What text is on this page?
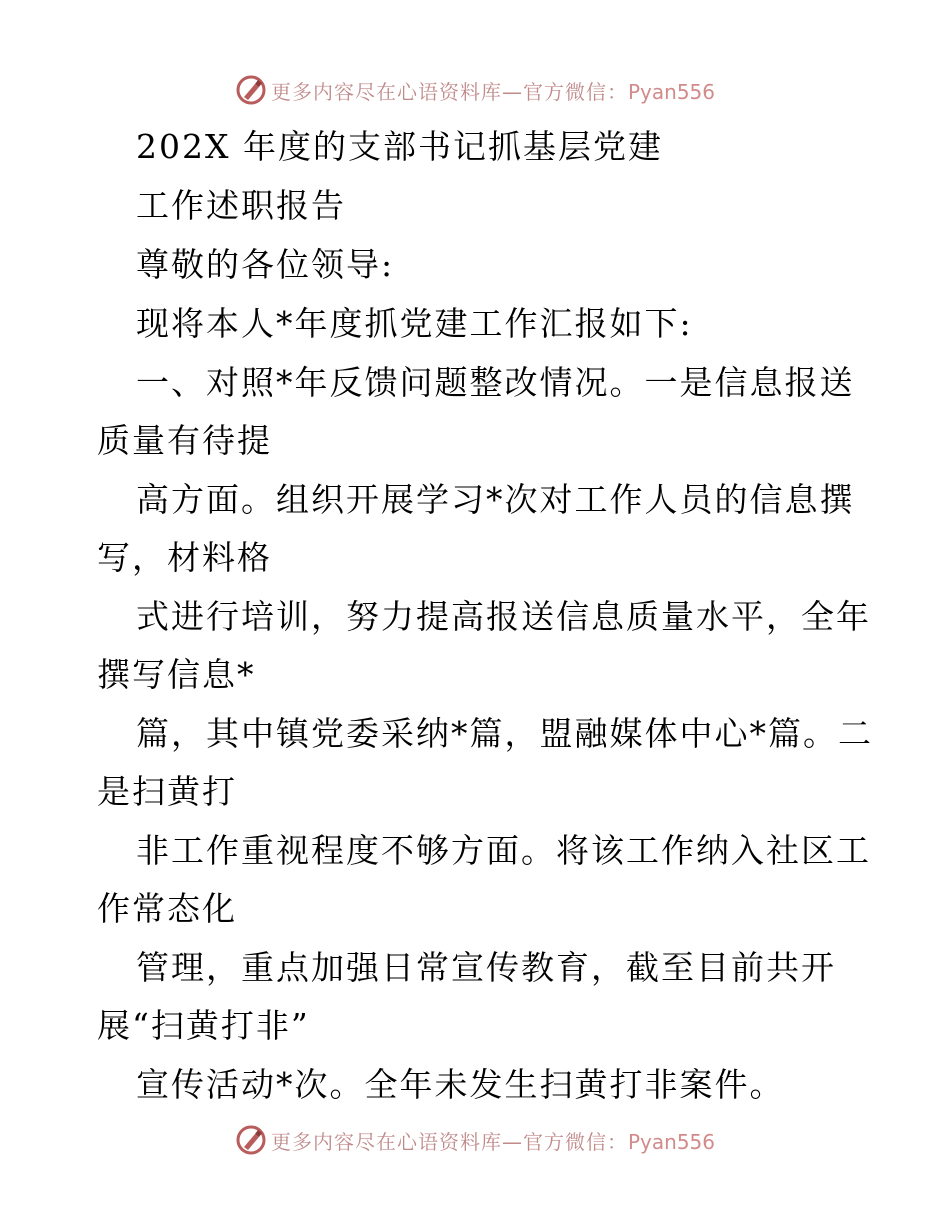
更多内容尽在心语资料库—官方微信：Pyan556
202X 年度的支部书记抓基层党建
工作述职报告
尊敬的各位领导:
现将本人*年度抓党建工作汇报如下:
一、对照*年反馈问题整改情况。一是信息报送
质量有待提
高方面。组织开展学习*次对工作人员的信息撰
写，材料格
式进行培训，努力提高报送信息质量水平，全年
撰写信息*
篇，其中镇党委采纳*篇，盟融媒体中心*篇。二
是扫黄打
非工作重视程度不够方面。将该工作纳入社区工
作常态化
管理，重点加强日常宣传教育，截至目前共开
展“扫黄打非”
宣传活动*次。全年未发生扫黄打非案件。
更多内容尽在心语资料库—官方微信：Pyan556
